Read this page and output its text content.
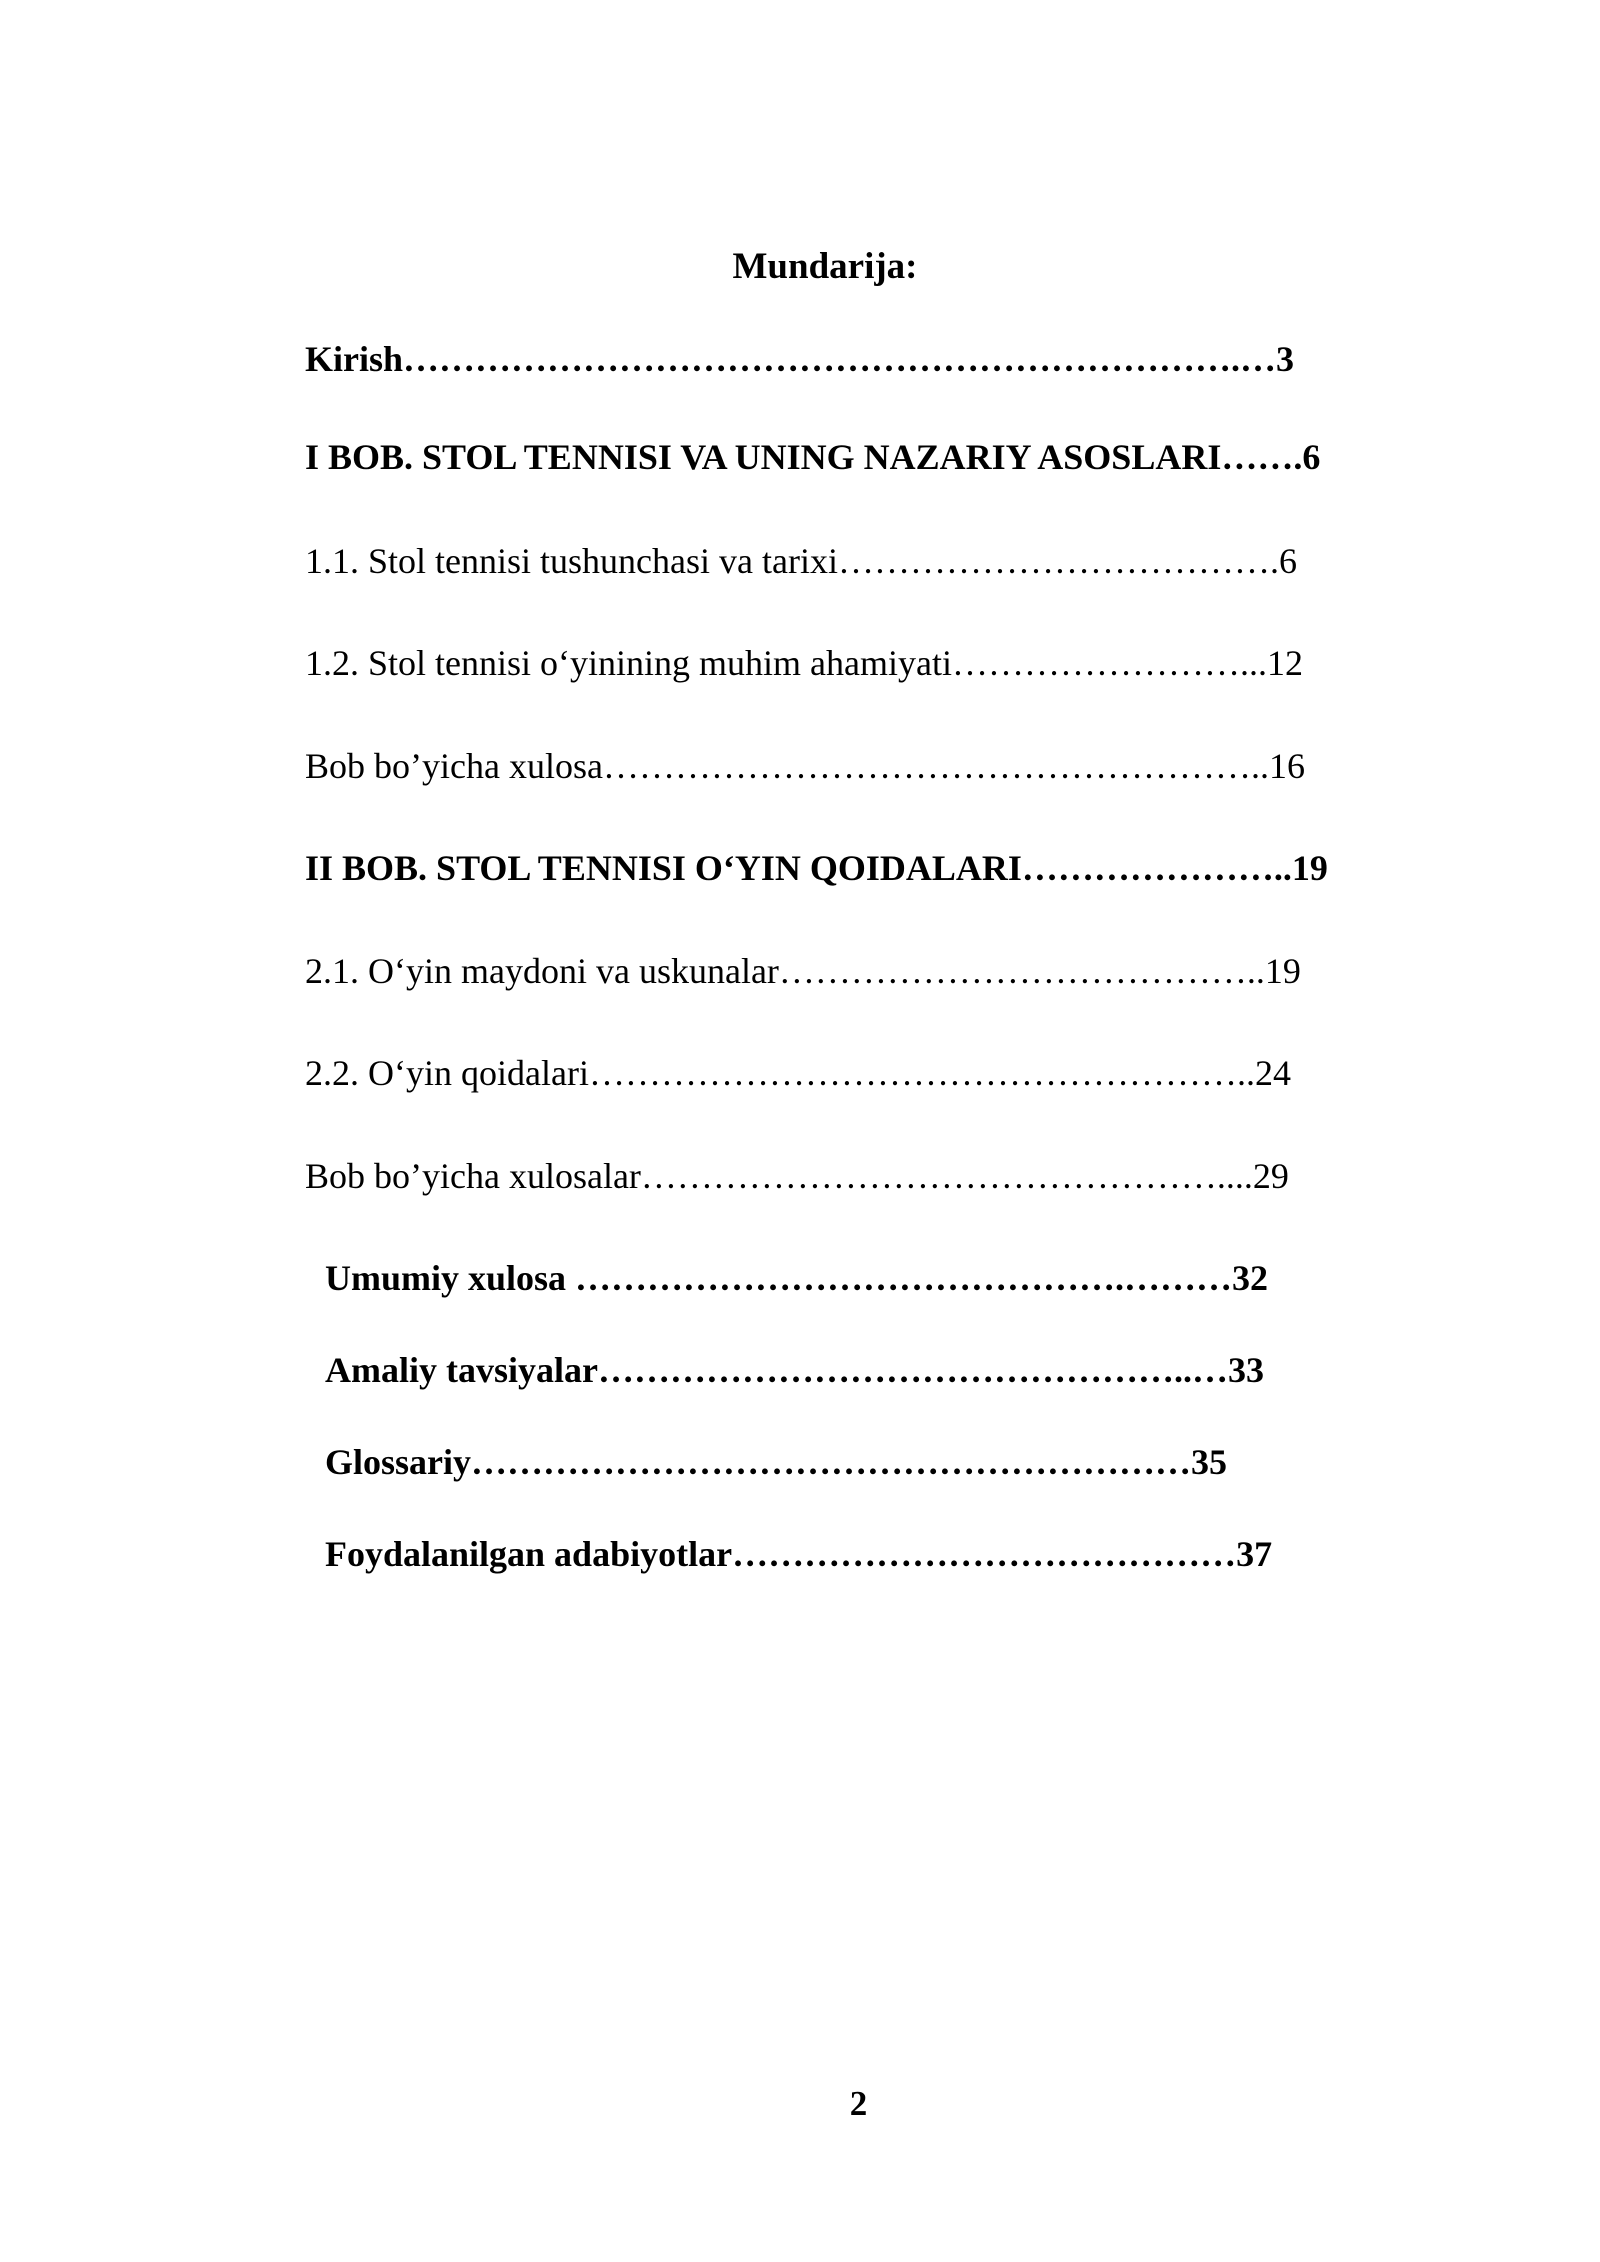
Mundarija:
Kirish…………………………………………………………….…3
I BOB. STOL TENNISI VA UNING NAZARIY ASOSLARI…….6
1.1. Stol tennisi tushunchasi va tarixi……………………………….6
1.2. Stol tennisi o‘yinining muhim ahamiyati……………………...12
Bob bo’yicha xulosa………………………………………………..16
II BOB. STOL TENNISI O‘YIN QOIDALARI…………………..19
2.1. O‘yin maydoni va uskunalar…………………………………..19
2.2. O‘yin qoidalari………………………………………………..24
Bob bo’yicha xulosalar…………………………………………....29
Umumiy xulosa ……………………………………….………32
Amaliy tavsiyalar…………………………………………..…33
Glossariy……………………………………………………35
Foydalanilgan adabiyotlar……………………………………37
2
